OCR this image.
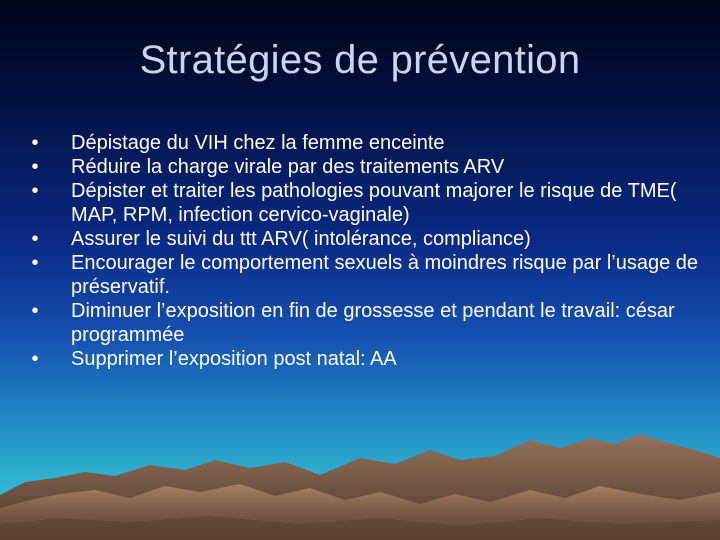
Stratégies de prévention
• Dépistage du VIH chez la femme enceinte
• Réduire la charge virale par des traitements ARV
• Dépister et traiter les pathologies pouvant majorer le risque de TME( MAP, RPM, infection cervico-vaginale)
• Assurer le suivi du ttt ARV( intolérance, compliance)
• Encourager le comportement sexuels à moindres risque par l’usage de préservatif.
• Diminuer l’exposition en fin de grossesse et pendant le travail: césar programmée
• Supprimer l’exposition post natal: AA
